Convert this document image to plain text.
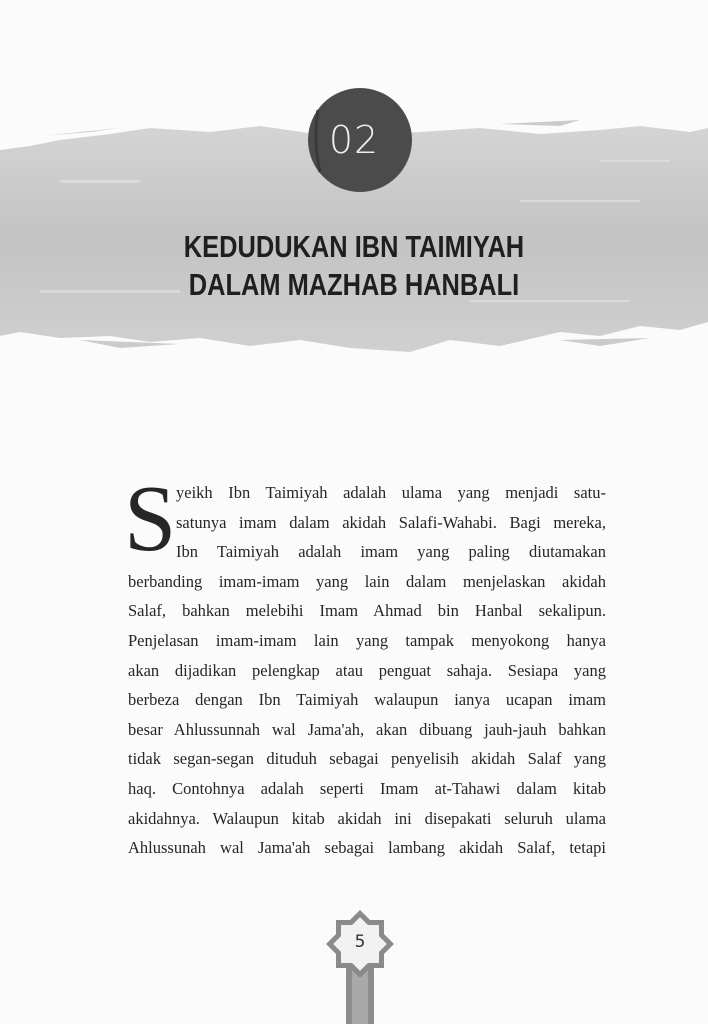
02
KEDUDUKAN IBN TAIMIYAH
DALAM MAZHAB HANBALI
S yeikh Ibn Taimiyah adalah ulama yang menjadi satu-
satunya imam dalam akidah Salafi-Wahabi. Bagi mereka,
Ibn Taimiyah adalah imam yang paling diutamakan
berbanding imam-imam yang lain dalam menjelaskan akidah
Salaf, bahkan melebihi Imam Ahmad bin Hanbal sekalipun.
Penjelasan imam-imam lain yang tampak menyokong hanya
akan dijadikan pelengkap atau penguat sahaja. Sesiapa yang
berbeza dengan Ibn Taimiyah walaupun ianya ucapan imam
besar Ahlussunnah wal Jama'ah, akan dibuang jauh-jauh bahkan
tidak segan-segan dituduh sebagai penyelisih akidah Salaf yang
haq. Contohnya adalah seperti Imam at-Tahawi dalam kitab
akidahnya. Walaupun kitab akidah ini disepakati seluruh ulama
Ahlussunah wal Jama'ah sebagai lambang akidah Salaf, tetapi
5
